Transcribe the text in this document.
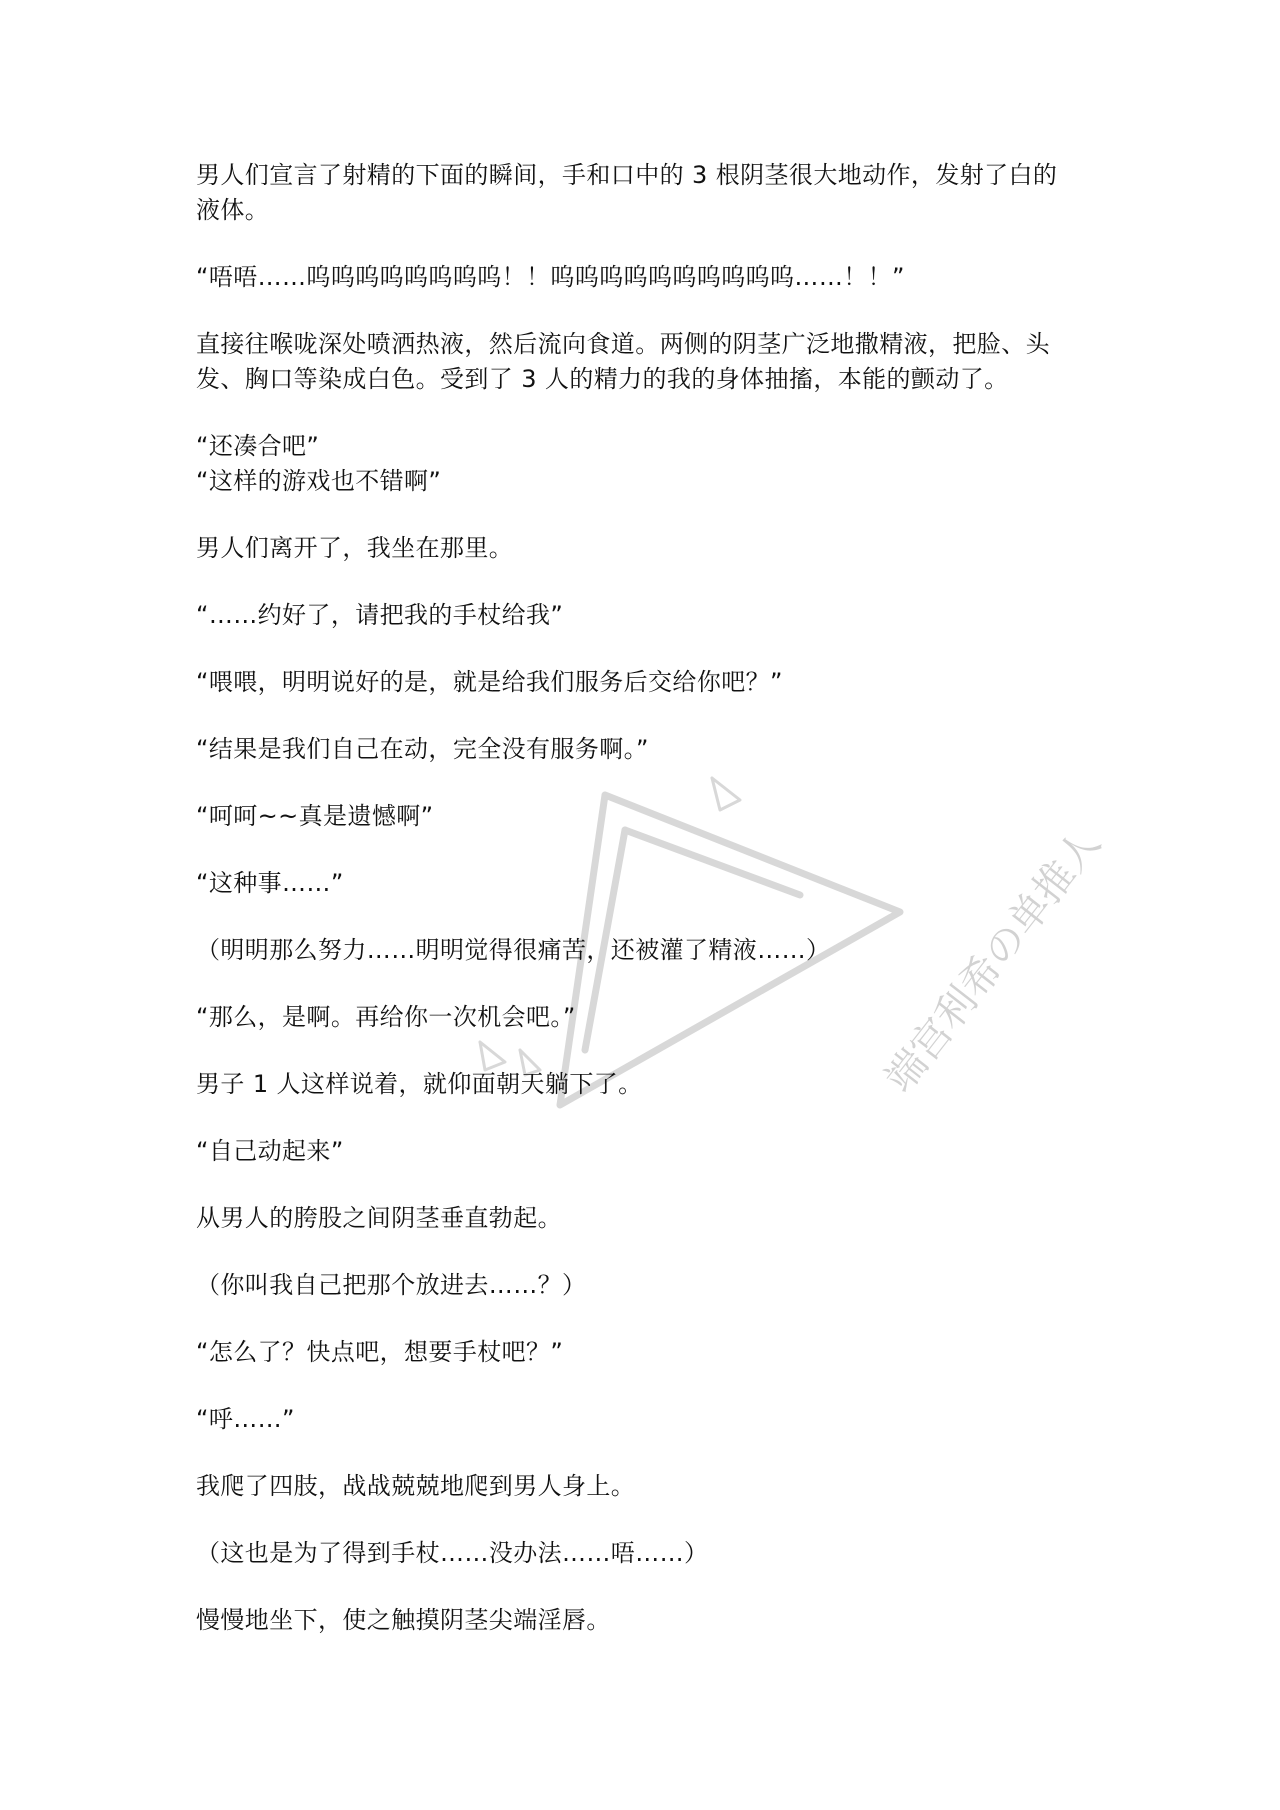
端宫利希の单推人
男人们宣言了射精的下面的瞬间，手和口中的 3 根阴茎很大地动作，发射了白的
液体。
“唔唔……呜呜呜呜呜呜呜呜！！呜呜呜呜呜呜呜呜呜呜……！！”
直接往喉咙深处喷洒热液，然后流向食道。两侧的阴茎广泛地撒精液，把脸、头
发、胸口等染成白色。受到了 3 人的精力的我的身体抽搐，本能的颤动了。
“还凑合吧”
“这样的游戏也不错啊”
男人们离开了，我坐在那里。
“……约好了，请把我的手杖给我”
“喂喂，明明说好的是，就是给我们服务后交给你吧？”
“结果是我们自己在动，完全没有服务啊。”
“呵呵~~真是遗憾啊”
“这种事……”
（明明那么努力……明明觉得很痛苦，还被灌了精液……）
“那么，是啊。再给你一次机会吧。”
男子 1 人这样说着，就仰面朝天躺下了。
“自己动起来”
从男人的胯股之间阴茎垂直勃起。
（你叫我自己把那个放进去……？）
“怎么了？快点吧，想要手杖吧？”
“呼……”
我爬了四肢，战战兢兢地爬到男人身上。
（这也是为了得到手杖……没办法……唔……）
慢慢地坐下，使之触摸阴茎尖端淫唇。
